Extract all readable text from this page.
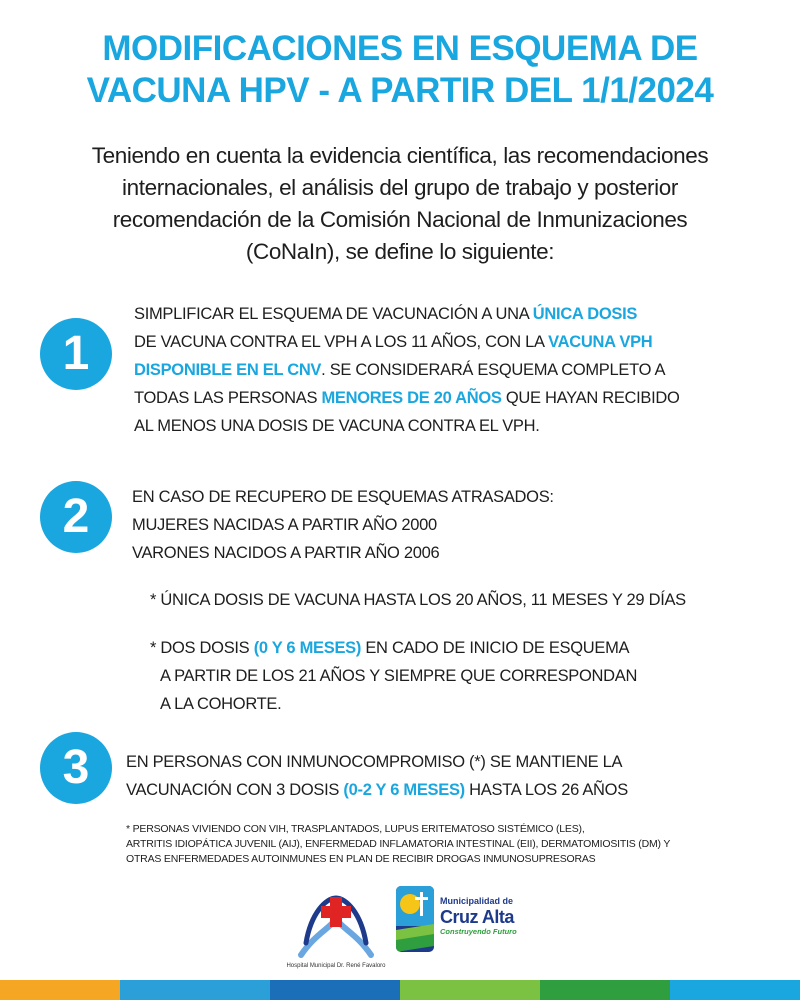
MODIFICACIONES EN ESQUEMA DE
VACUNA HPV - A PARTIR DEL 1/1/2024
Teniendo en cuenta la evidencia científica, las recomendaciones
internacionales, el análisis del grupo de trabajo y posterior
recomendación de la Comisión Nacional de Inmunizaciones
(CoNaIn), se define lo siguiente:
1
SIMPLIFICAR EL ESQUEMA DE VACUNACIÓN A UNA ÚNICA DOSIS
DE VACUNA CONTRA EL VPH A LOS 11 AÑOS, CON LA VACUNA VPH
DISPONIBLE EN EL CNV. SE CONSIDERARÁ ESQUEMA COMPLETO A
TODAS LAS PERSONAS MENORES DE 20 AÑOS QUE HAYAN RECIBIDO
AL MENOS UNA DOSIS DE VACUNA CONTRA EL VPH.
2	EN CASO DE RECUPERO DE ESQUEMAS ATRASADOS:
MUJERES NACIDAS A PARTIR AÑO 2000
VARONES NACIDOS A PARTIR AÑO 2006
* ÚNICA DOSIS DE VACUNA HASTA LOS 20 AÑOS, 11 MESES Y 29 DÍAS
* DOS DOSIS (0 Y 6 MESES) EN CADO DE INICIO DE ESQUEMA
A PARTIR DE LOS 21 AÑOS Y SIEMPRE QUE CORRESPONDAN
A LA COHORTE.
3	EN PERSONAS CON INMUNOCOMPROMISO (*) SE MANTIENE LA
VACUNACIÓN CON 3 DOSIS (0-2 Y 6 MESES) HASTA LOS 26 AÑOS
* PERSONAS VIVIENDO CON VIH, TRASPLANTADOS, LUPUS ERITEMATOSO SISTÉMICO (LES),
ARTRITIS IDIOPÁTICA JUVENIL (AIJ), ENFERMEDAD INFLAMATORIA INTESTINAL (EII), DERMATOMIOSITIS (DM) Y
OTRAS ENFERMEDADES AUTOINMUNES EN PLAN DE RECIBIR DROGAS INMUNOSUPRESORAS
Hospital Municipal Dr. René Favaloro
Municipalidad de
Cruz Alta
Construyendo Futuro
